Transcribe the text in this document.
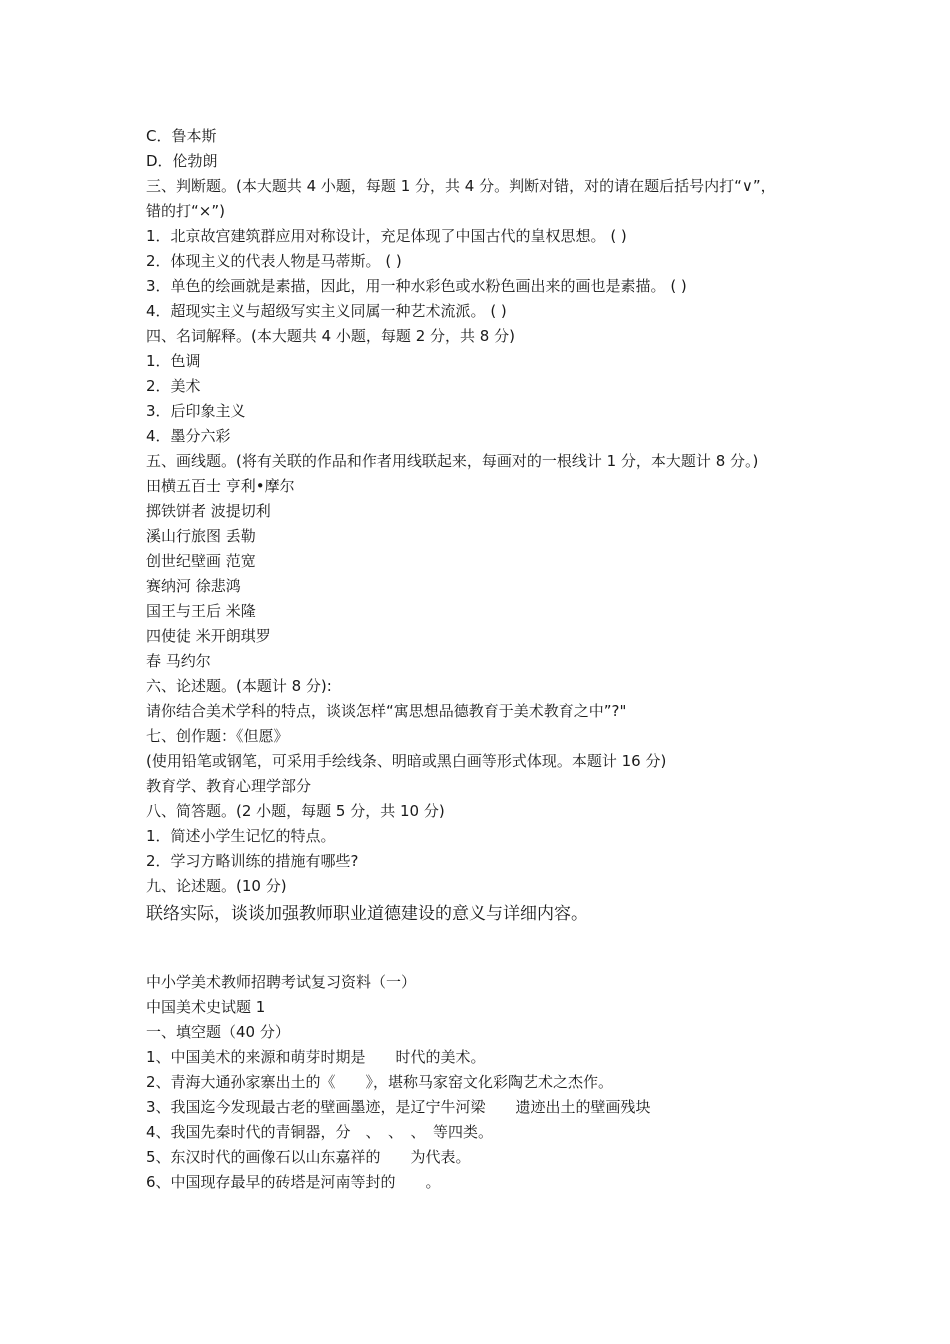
C．鲁本斯
D．伦勃朗
三、判断题。(本大题共 4 小题，每题 1 分，共 4 分。判断对错，对的请在题后括号内打“∨”，
错的打“×”)
1．北京故宫建筑群应用对称设计，充足体现了中国古代的皇权思想。 ( )
2．体现主义的代表人物是马蒂斯。 ( )
3．单色的绘画就是素描，因此，用一种水彩色或水粉色画出来的画也是素描。 ( )
4．超现实主义与超级写实主义同属一种艺术流派。 ( )
四、名词解释。(本大题共 4 小题，每题 2 分，共 8 分)
1．色调
2．美术
3．后印象主义
4．墨分六彩
五、画线题。(将有关联的作品和作者用线联起来，每画对的一根线计 1 分，本大题计 8 分。)
田横五百士 亨利•摩尔
掷铁饼者 波提切利
溪山行旅图 丢勒
创世纪壁画 范宽
赛纳河 徐悲鸿
国王与王后 米隆
四使徒 米开朗琪罗
春 马约尔
六、论述题。(本题计 8 分):
请你结合美术学科的特点，谈谈怎样“寓思想品德教育于美术教育之中”?"
七、创作题：《但愿》
(使用铅笔或钢笔，可采用手绘线条、明暗或黑白画等形式体现。本题计 16 分)
教育学、教育心理学部分
八、简答题。(2 小题，每题 5 分，共 10 分)
1．简述小学生记忆的特点。
2．学习方略训练的措施有哪些?
九、论述题。(10 分)
联络实际，谈谈加强教师职业道德建设的意义与详细内容。
中小学美术教师招聘考试复习资料（一）
中国美术史试题 1
一、填空题（40 分）
1、中国美术的来源和萌芽时期是　　时代的美术。
2、青海大通孙家寨出土的《　　》，堪称马家窑文化彩陶艺术之杰作。
3、我国迄今发现最古老的壁画墨迹，是辽宁牛河梁　　遗迹出土的壁画残块
4、我国先秦时代的青铜器，分　、　、　、　等四类。
5、东汉时代的画像石以山东嘉祥的　　为代表。
6、中国现存最早的砖塔是河南等封的　　。
